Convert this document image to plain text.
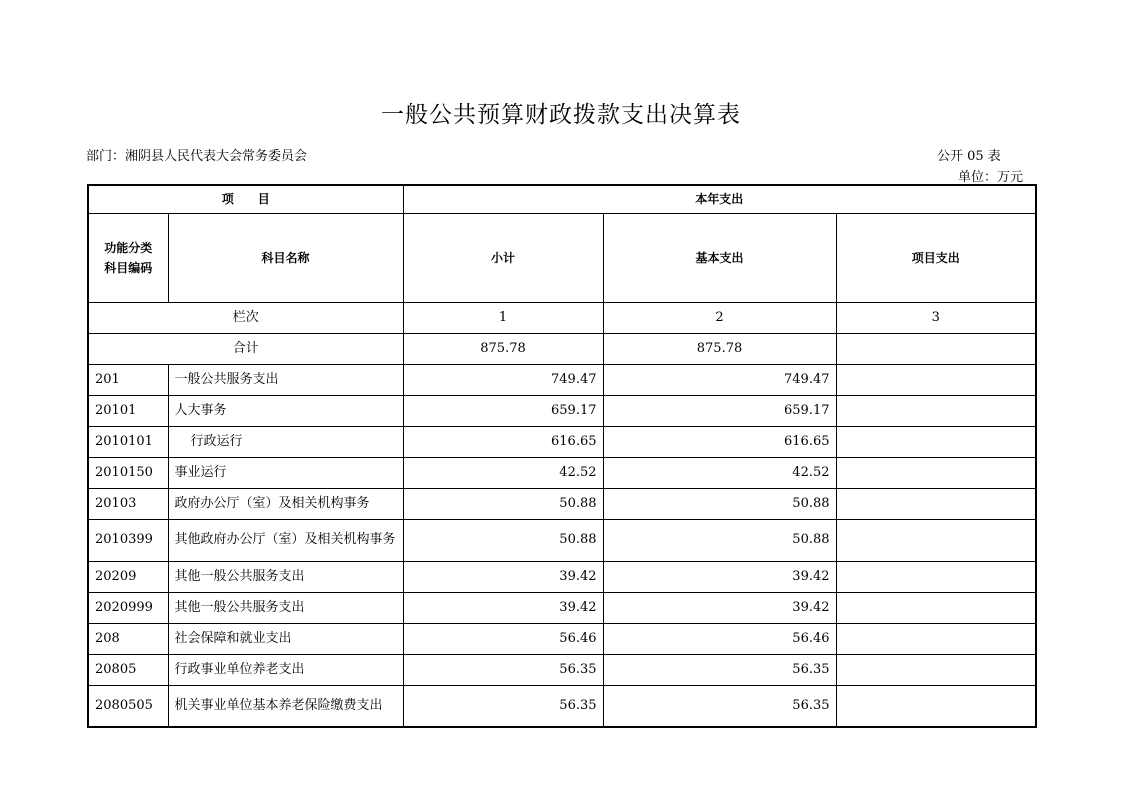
一般公共预算财政拨款支出决算表
部门：湘阴县人民代表大会常务委员会	公开 05 表
单位：万元
项　　目		本年支出		
功能分类
科目编码	科目名称	小计	基本支出	项目支出
栏次		1	2	3
合计		875.78	875.78	
201	一般公共服务支出	749.47	749.47	
20101	人大事务	659.17	659.17	
2010101	行政运行	616.65	616.65	
2010150	事业运行	42.52	42.52	
20103	政府办公厅（室）及相关机构事务	50.88	50.88	
2010399	其他政府办公厅（室）及相关机构事务	50.88	50.88	
20209	其他一般公共服务支出	39.42	39.42	
2020999	其他一般公共服务支出	39.42	39.42	
208	社会保障和就业支出	56.46	56.46	
20805	行政事业单位养老支出	56.35	56.35	
2080505	机关事业单位基本养老保险缴费支出	56.35	56.35	
